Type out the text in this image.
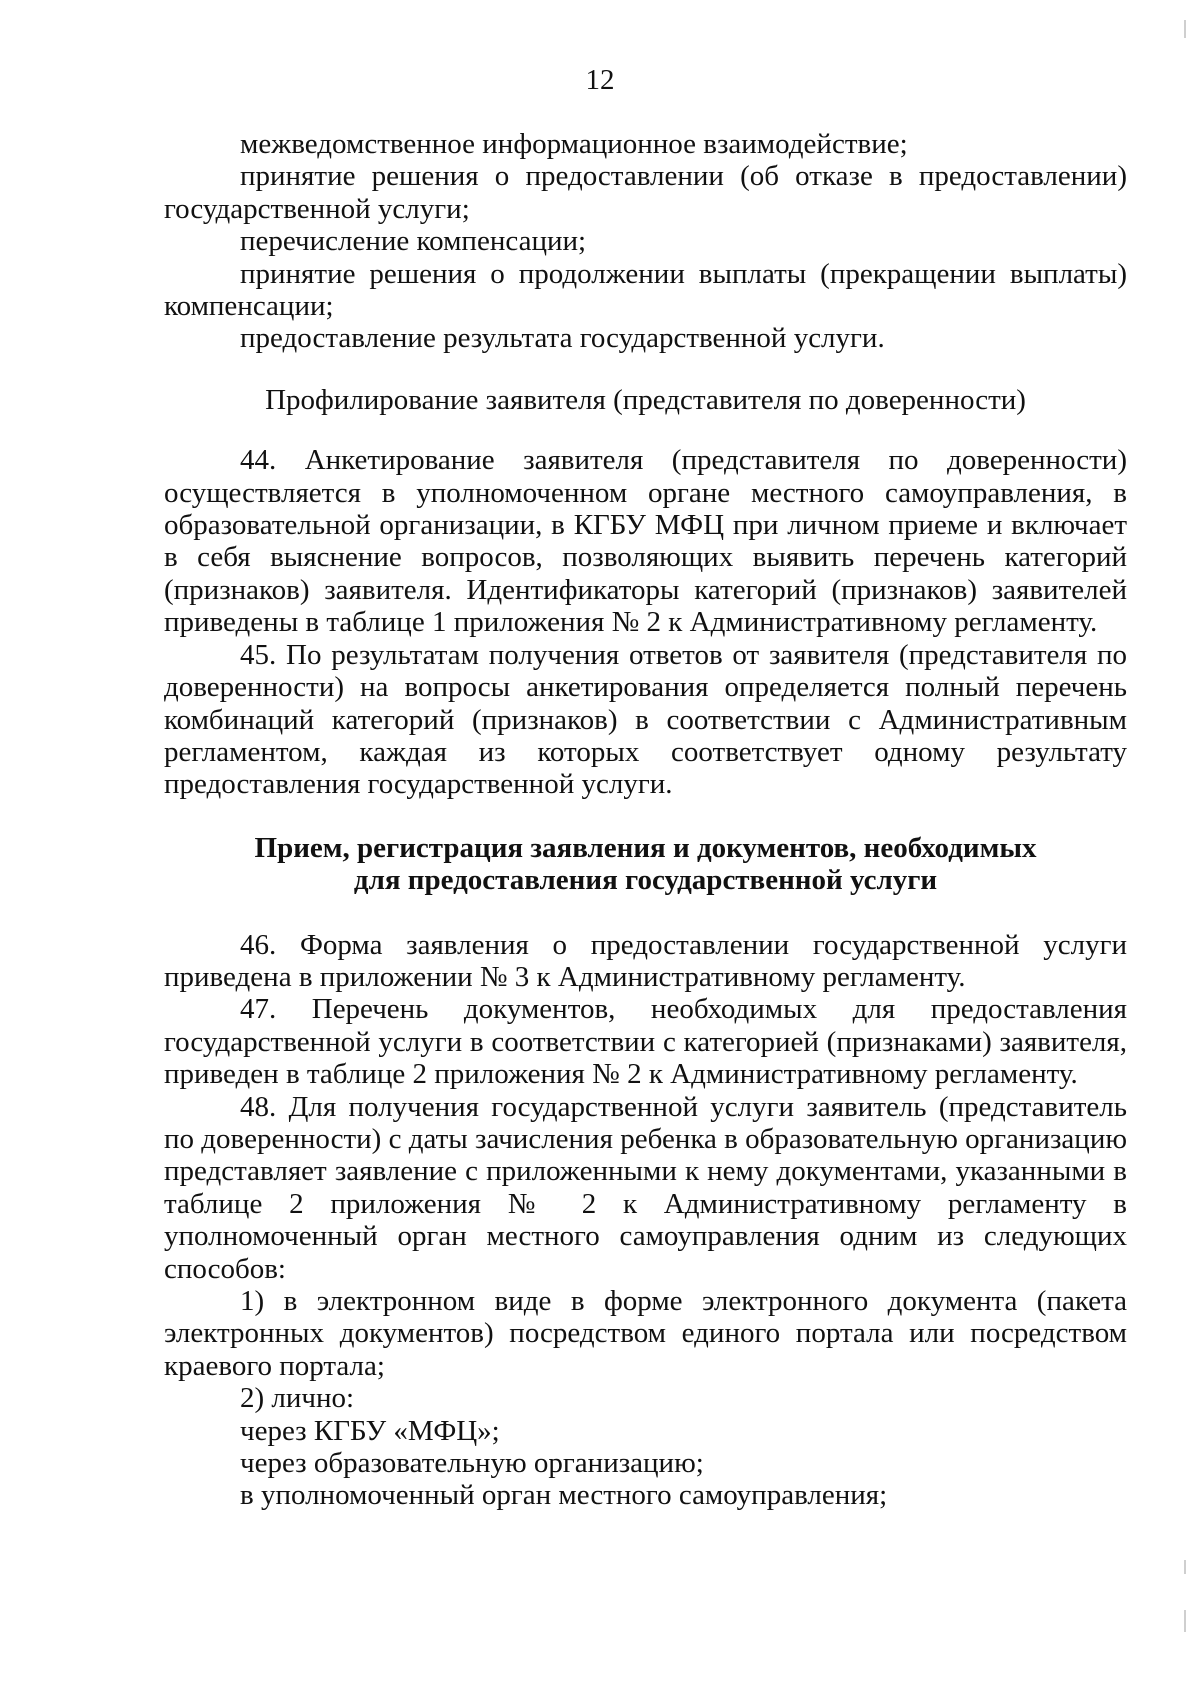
12

межведомственное информационное взаимодействие;

принятие решения о предоставлении (об отказе в предоставлении) государственной услуги;

перечисление компенсации;

принятие решения о продолжении выплаты (прекращении выплаты) компенсации;

предоставление результата государственной услуги.

Профилирование заявителя (представителя по доверенности)

44. Анкетирование заявителя (представителя по доверенности) осуществляется в уполномоченном органе местного самоуправления, в образовательной организации, в КГБУ МФЦ при личном приеме и включает в себя выяснение вопросов, позволяющих выявить перечень категорий (признаков) заявителя. Идентификаторы категорий (признаков) заявителей приведены в таблице 1 приложения № 2 к Административному регламенту.

45. По результатам получения ответов от заявителя (представителя по доверенности) на вопросы анкетирования определяется полный перечень комбинаций категорий (признаков) в соответствии с Административным регламентом, каждая из которых соответствует одному результату предоставления государственной услуги.

Прием, регистрация заявления и документов, необходимых
для предоставления государственной услуги

46. Форма заявления о предоставлении государственной услуги приведена в приложении № 3 к Административному регламенту.

47. Перечень документов, необходимых для предоставления государственной услуги в соответствии с категорией (признаками) заявителя, приведен в таблице 2 приложения № 2 к Административному регламенту.

48. Для получения государственной услуги заявитель (представитель по доверенности) с даты зачисления ребенка в образовательную организацию представляет заявление с приложенными к нему документами, указанными в таблице 2 приложения № 2 к Административному регламенту в уполномоченный орган местного самоуправления одним из следующих способов:

1) в электронном виде в форме электронного документа (пакета электронных документов) посредством единого портала или посредством краевого портала;

2) лично:

через КГБУ «МФЦ»;

через образовательную организацию;

в уполномоченный орган местного самоуправления;
